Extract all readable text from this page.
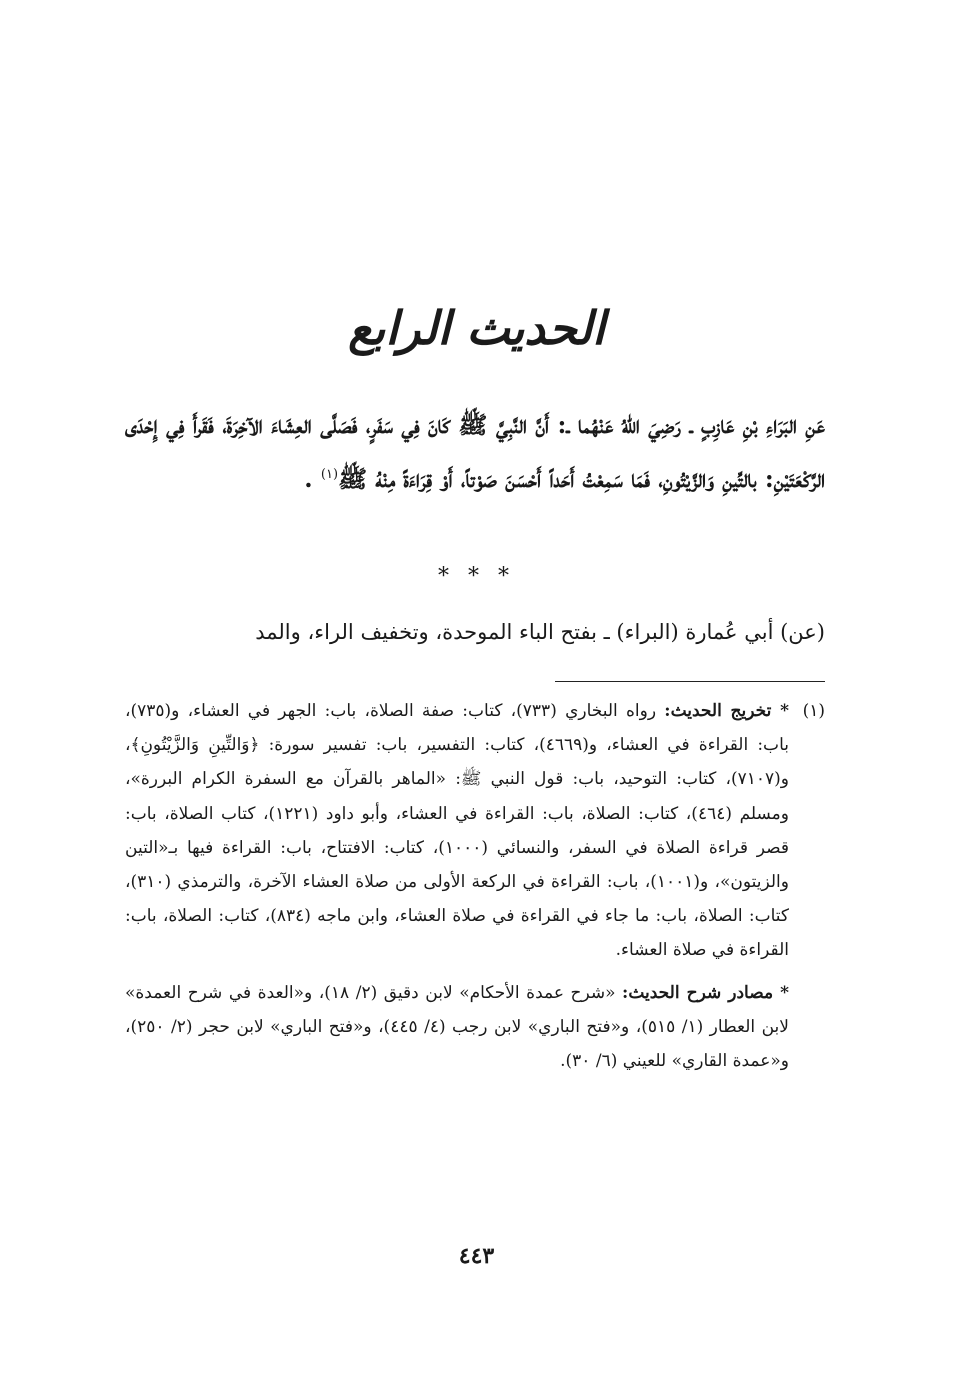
الحديث الرابع
عَنِ البَرَاءِ بْنِ عَازِبٍ ـ رَضِيَ اللهُ عَنْهُما ـ: أَنَّ النَّبِيَّ ﷺ كَانَ فِي سَفَرٍ، فَصَلَّى العِشَاءَ الآخِرَةَ، فَقَرأَ فِي إِحْدَى الرَّكْعَتَيْنِ: بالتِّينِ وَالزَّيْتُونِ، فَمَا سَمِعْتُ أَحَداً أَحْسَنَ صَوْتاً، أَوْ قِرَاءَةً مِنْهُ ﷺ$^{(١)}$ .
* * *
(عن) أبي عُمارة (البراء) ـ بفتح الباء الموحدة، وتخفيف الراء، والمد
(١)
* تخريج الحديث: رواه البخاري (٧٣٣)، كتاب: صفة الصلاة، باب: الجهر في العشاء، و(٧٣٥)، باب: القراءة في العشاء، و(٤٦٦٩)، كتاب: التفسير، باب: تفسير سورة: ﴿وَالتِّينِ وَالزَّيْتُونِ﴾، و(٧١٠٧)، كتاب: التوحيد، باب: قول النبي ﷺ: «الماهر بالقرآن مع السفرة الكرام البررة»، ومسلم (٤٦٤)، كتاب: الصلاة، باب: القراءة في العشاء، وأبو داود (١٢٢١)، كتاب الصلاة، باب: قصر قراءة الصلاة في السفر، والنسائي (١٠٠٠)، كتاب: الافتتاح، باب: القراءة فيها بـ«التين والزيتون»، و(١٠٠١)، باب: القراءة في الركعة الأولى من صلاة العشاء الآخرة، والترمذي (٣١٠)، كتاب: الصلاة، باب: ما جاء في القراءة في صلاة العشاء، وابن ماجه (٨٣٤)، كتاب: الصلاة، باب: القراءة في صلاة العشاء.
* مصادر شرح الحديث: «شرح عمدة الأحكام» لابن دقيق (٢/ ١٨)، و«العدة في شرح العمدة» لابن العطار (١/ ٥١٥)، و«فتح الباري» لابن رجب (٤/ ٤٤٥)، و«فتح الباري» لابن حجر (٢/ ٢٥٠)، و«عمدة القاري» للعيني (٦/ ٣٠).
٤٤٣
